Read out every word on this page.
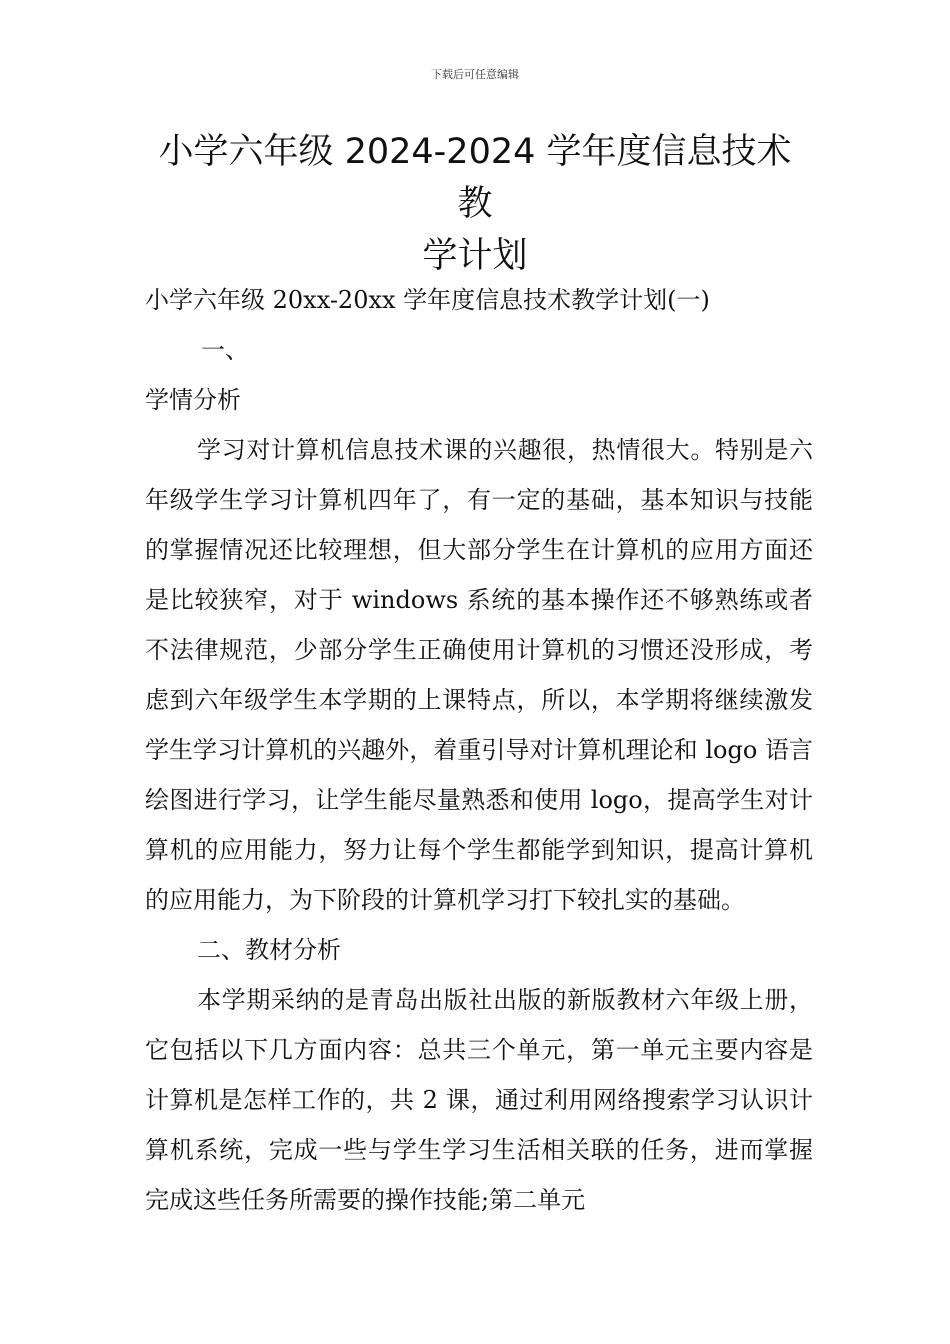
下载后可任意编辑
小学六年级 2024-2024 学年度信息技术教
学计划

小学六年级 20xx-20xx 学年度信息技术教学计划(一)一、
学情分析

学习对计算机信息技术课的兴趣很，热情很大。特别是六年级学生学习计算机四年了，有一定的基础，基本知识与技能的掌握情况还比较理想，但大部分学生在计算机的应用方面还是比较狭窄，对于 windows 系统的基本操作还不够熟练或者不法律规范，少部分学生正确使用计算机的习惯还没形成，考虑到六年级学生本学期的上课特点，所以，本学期将继续激发学生学习计算机的兴趣外，着重引导对计算机理论和 logo 语言绘图进行学习，让学生能尽量熟悉和使用 logo，提高学生对计算机的应用能力，努力让每个学生都能学到知识，提高计算机的应用能力，为下阶段的计算机学习打下较扎实的基础。

二、教材分析

本学期采纳的是青岛出版社出版的新版教材六年级上册，它包括以下几方面内容：总共三个单元，第一单元主要内容是计算机是怎样工作的，共 2 课，通过利用网络搜索学习认识计算机系统，完成一些与学生学习生活相关联的任务，进而掌握完成这些任务所需要的操作技能;第二单元
